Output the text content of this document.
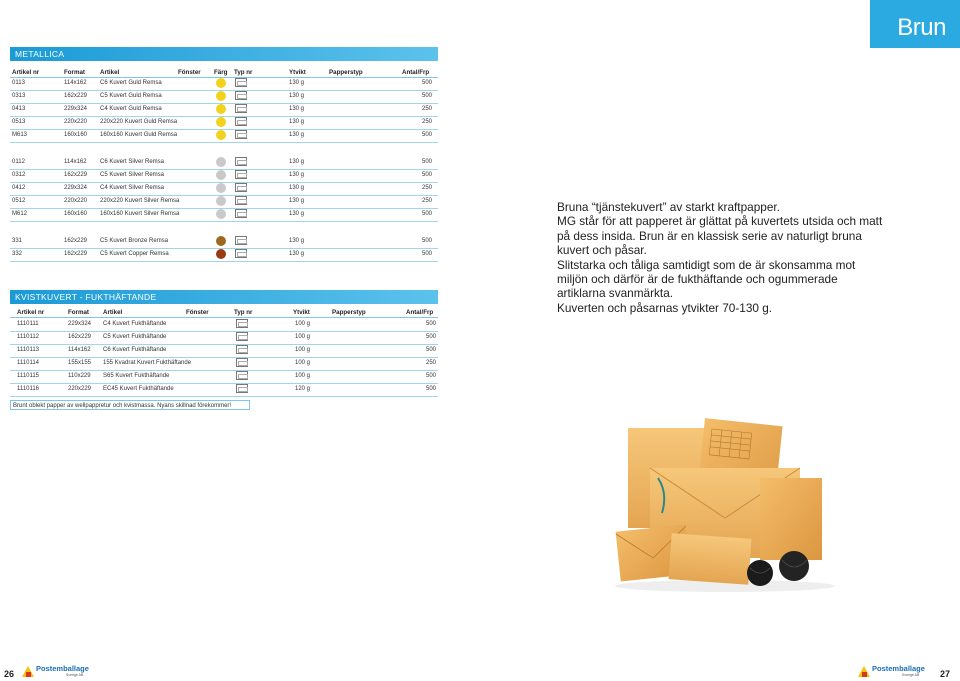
Brun
METALLICA
Artikel nr	Format Artikel	Fönster Färg Typ nr	Ytvikt	Papperstyp	Antal/Frp
0113	114x162 C6 Kuvert Guld Remsa	130 g	500
0313	162x229 C5 Kuvert Guld Remsa	130 g	500
0413	229x324 C4 Kuvert Guld Remsa	130 g	250
0513	220x220 220x220 Kuvert Guld Remsa	130 g	250
M613	160x160 160x160 Kuvert Guld Remsa	130 g	500
0112	114x162 C6 Kuvert Silver Remsa	130 g	500
0312	162x229 C5 Kuvert Silver Remsa	130 g	500
0412	229x324 C4 Kuvert Silver Remsa	130 g	250
0512	220x220 220x220 Kuvert Silver Remsa	130 g	250
M612	160x160 160x160 Kuvert Silver Remsa	130 g	500
331	162x229 C5 Kuvert Bronze Remsa	130 g	500
332	162x229 C5 Kuvert Copper Remsa	130 g	500
KVISTKUVERT - FUKTHÄFTANDE
Artikel nr	Format Artikel	Fönster	Typ nr	Ytvikt	Papperstyp	Antal/Frp
1110111	229x324 C4 Kuvert Fukthäftande	100 g	500
1110112	162x229 C5 Kuvert Fukthäftande	100 g	500
1110113	114x162 C6 Kuvert Fukthäftande	100 g	500
1110114	155x155 155 Kvadrat Kuvert Fukthäftande	100 g	250
1110115	110x229 S65 Kuvert Fukthäftande	100 g	500
1110116	220x229 EC45 Kuvert Fukthäftande	120 g	500
Brunt oblekt papper av wellpappretur och kvistmassa. Nyans skillnad förekommer!

Bruna “tjänstekuvert” av starkt kraftpapper.

MG står för att papperet är glättat på kuvertets utsida och matt på dess insida. Brun är en klassisk serie av naturligt bruna kuvert och påsar.

Slitstarka och tåliga samtidigt som de är skonsamma mot miljön och därför är de fukthäftande och ogummerade artiklarna svanmärkta.

Kuverten och påsarnas ytvikter 70-130 g.

26
Postemballage
Sverige AB	27
Postemballage
Sverige AB
